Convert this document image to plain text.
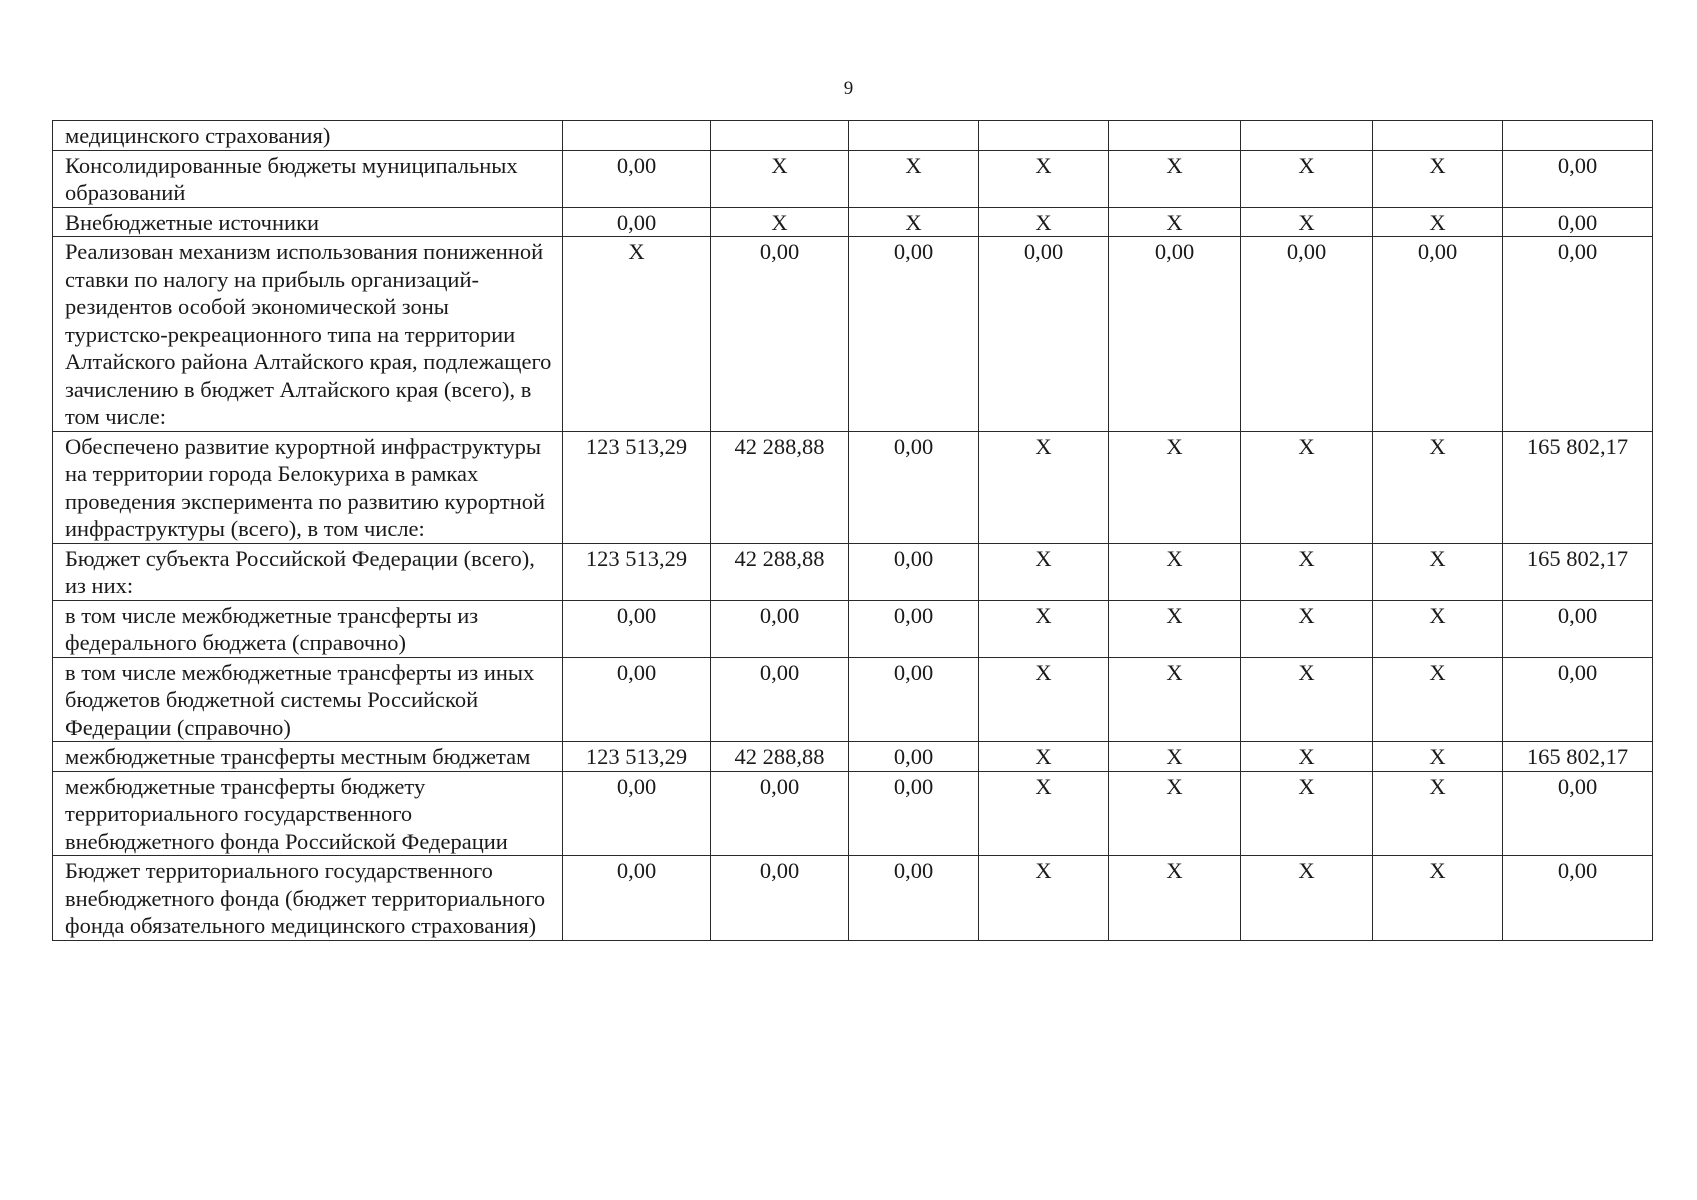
9
медицинского страхования)								
Консолидированные бюджеты муниципальных образований	0,00	X	X	X	X	X	X	0,00
Внебюджетные источники	0,00	X	X	X	X	X	X	0,00
Реализован механизм использования пониженной ставки по налогу на прибыль организаций-резидентов особой экономической зоны туристско-рекреационного типа на территории Алтайского района Алтайского края, подлежащего зачислению в бюджет Алтайского края (всего), в том числе:	X	0,00	0,00	0,00	0,00	0,00	0,00	0,00
Обеспечено развитие курортной инфраструктуры на территории города Белокуриха в рамках проведения эксперимента по развитию курортной инфраструктуры (всего), в том числе:	123 513,29	42 288,88	0,00	X	X	X	X	165 802,17
Бюджет субъекта Российской Федерации (всего), из них:	123 513,29	42 288,88	0,00	X	X	X	X	165 802,17
в том числе межбюджетные трансферты из федерального бюджета (справочно)	0,00	0,00	0,00	X	X	X	X	0,00
в том числе межбюджетные трансферты из иных бюджетов бюджетной системы Российской Федерации (справочно)	0,00	0,00	0,00	X	X	X	X	0,00
межбюджетные трансферты местным бюджетам	123 513,29	42 288,88	0,00	X	X	X	X	165 802,17
межбюджетные трансферты бюджету территориального государственного внебюджетного фонда Российской Федерации	0,00	0,00	0,00	X	X	X	X	0,00
Бюджет территориального государственного внебюджетного фонда (бюджет территориального фонда обязательного медицинского страхования)	0,00	0,00	0,00	X	X	X	X	0,00
